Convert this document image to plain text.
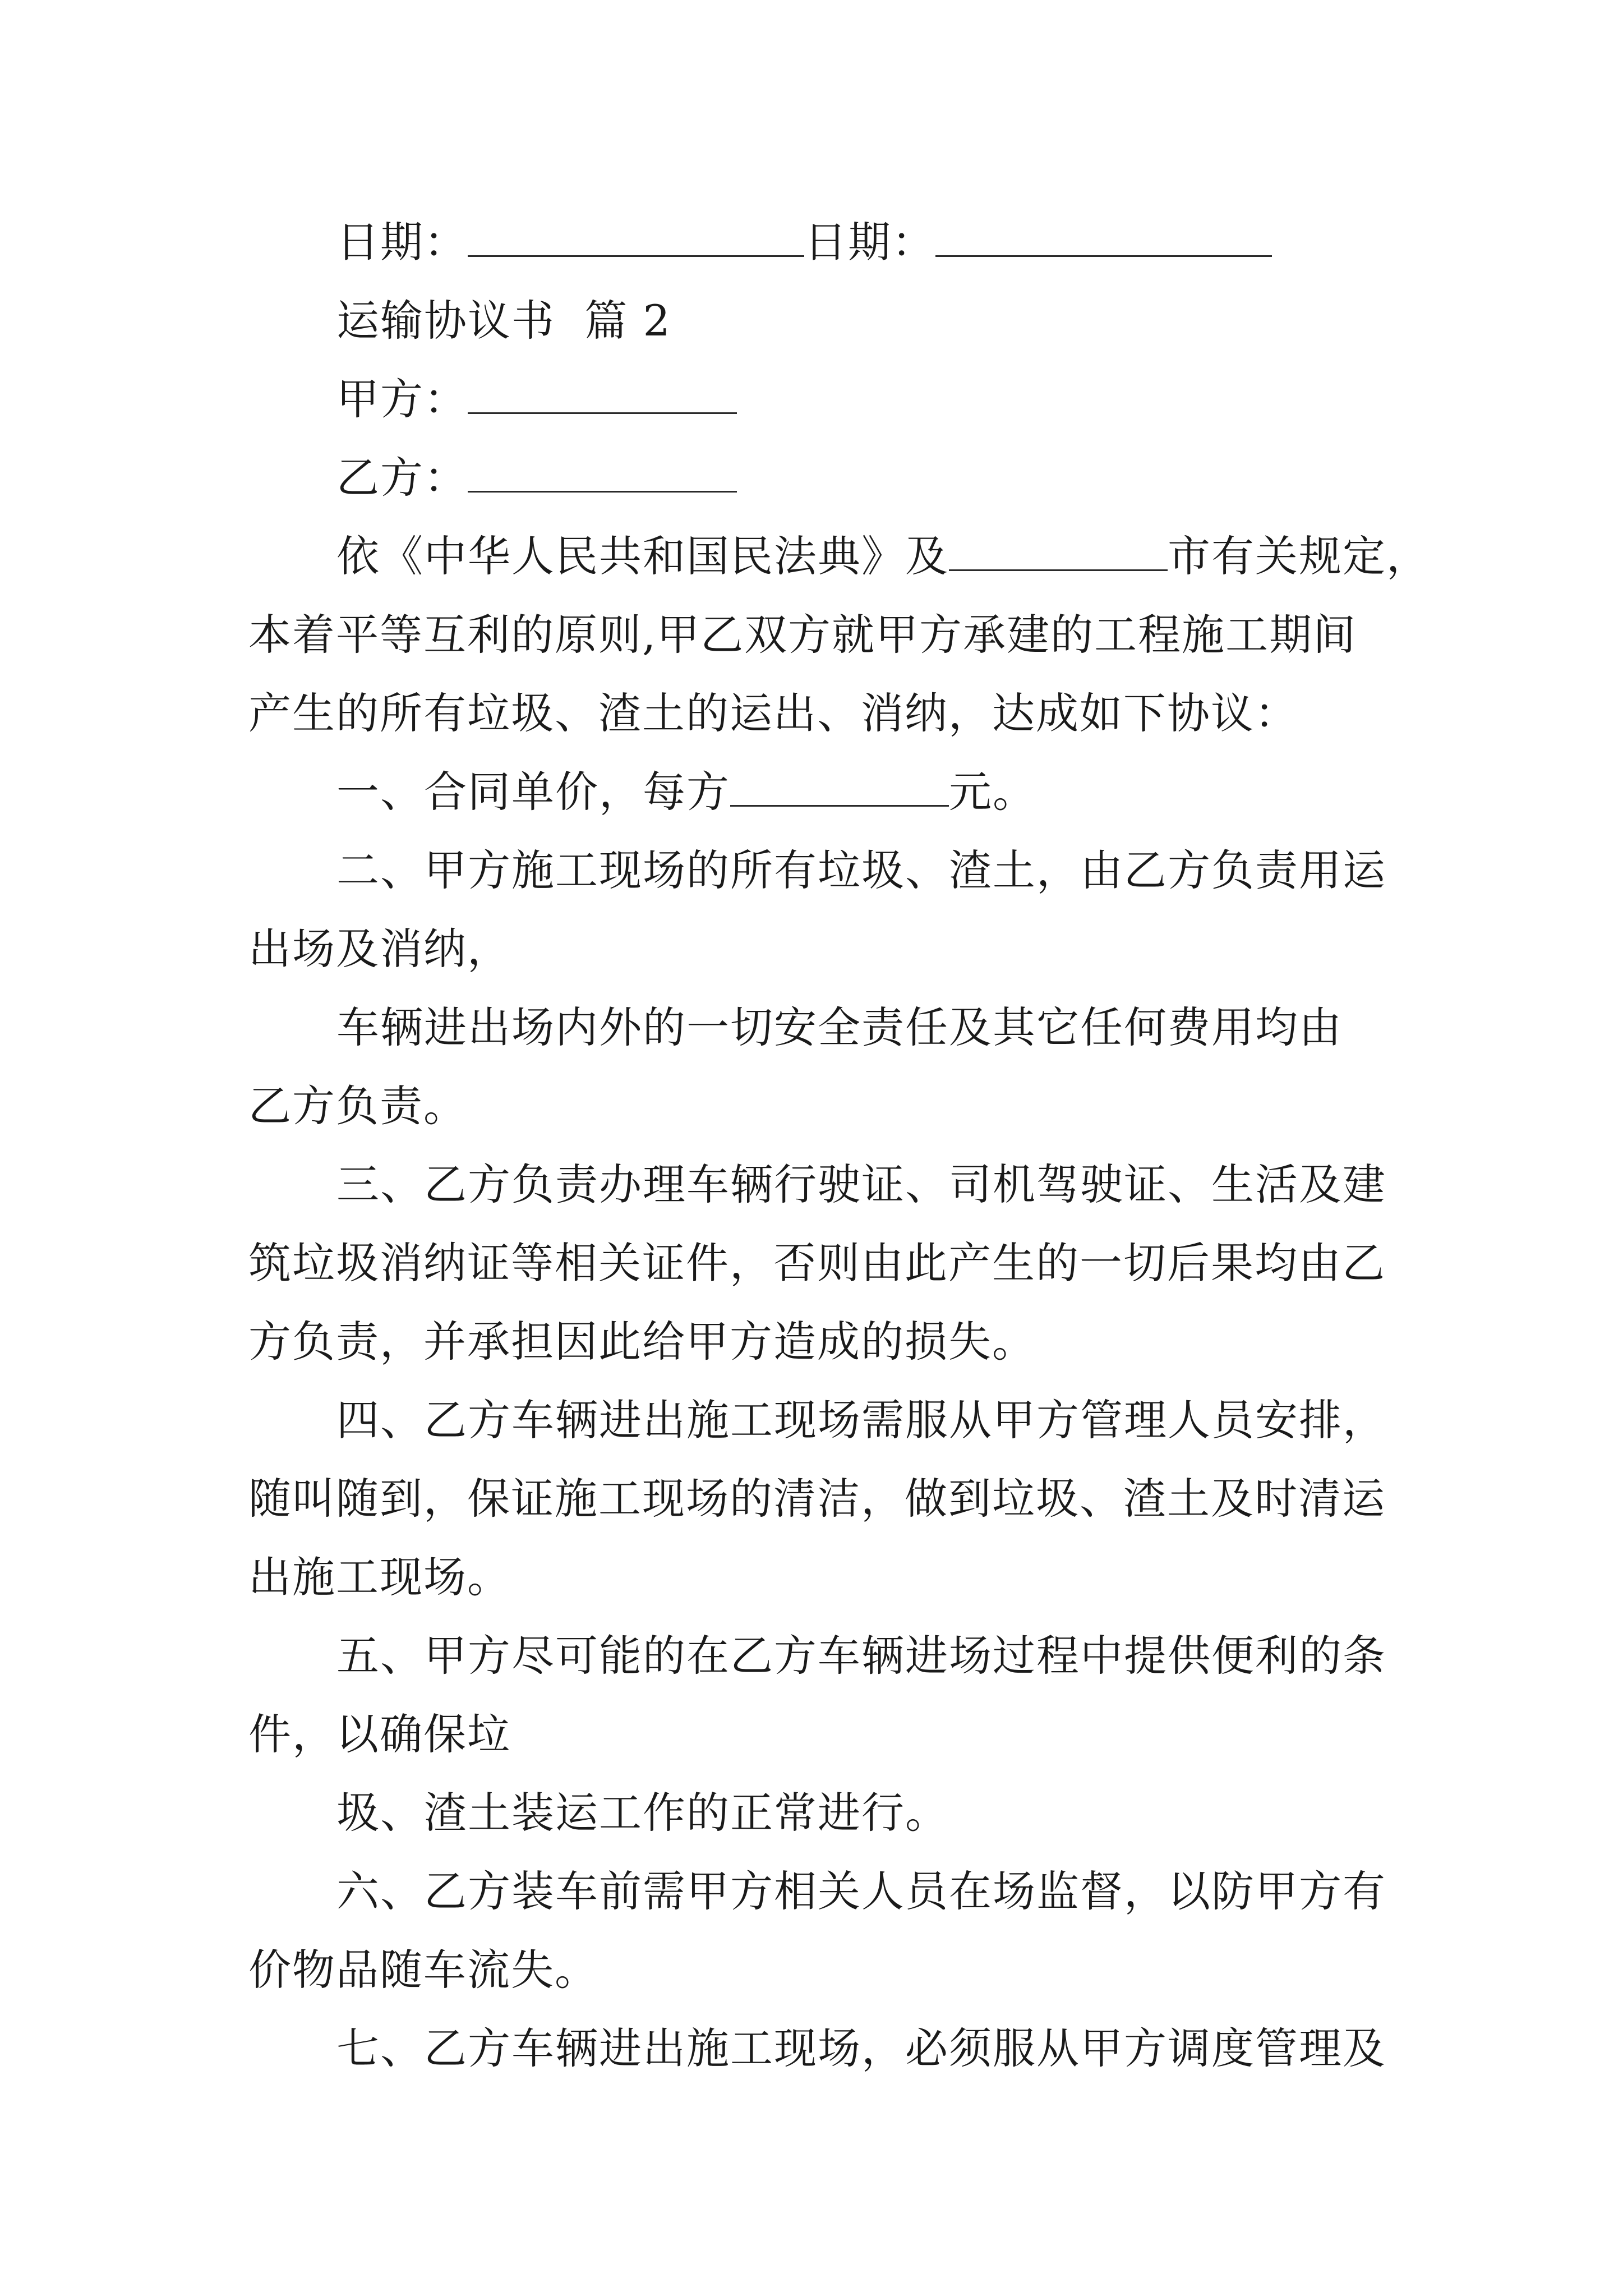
日期：	日期：
运输协议书  篇 2
甲方：
乙方：
依《中华人民共和国民法典》及	市有关规定，
本着平等互利的原则,甲乙双方就甲方承建的工程施工期间
产生的所有垃圾、渣土的运出、消纳，达成如下协议：
一、合同单价，每方	元。
二、甲方施工现场的所有垃圾、渣土，由乙方负责用运
出场及消纳，
车辆进出场内外的一切安全责任及其它任何费用均由
乙方负责。
三、乙方负责办理车辆行驶证、司机驾驶证、生活及建
筑垃圾消纳证等相关证件，否则由此产生的一切后果均由乙
方负责，并承担因此给甲方造成的损失。
四、乙方车辆进出施工现场需服从甲方管理人员安排，
随叫随到，保证施工现场的清洁，做到垃圾、渣土及时清运
出施工现场。
五、甲方尽可能的在乙方车辆进场过程中提供便利的条
件，以确保垃
圾、渣土装运工作的正常进行。
六、乙方装车前需甲方相关人员在场监督，以防甲方有
价物品随车流失。
七、乙方车辆进出施工现场，必须服从甲方调度管理及
